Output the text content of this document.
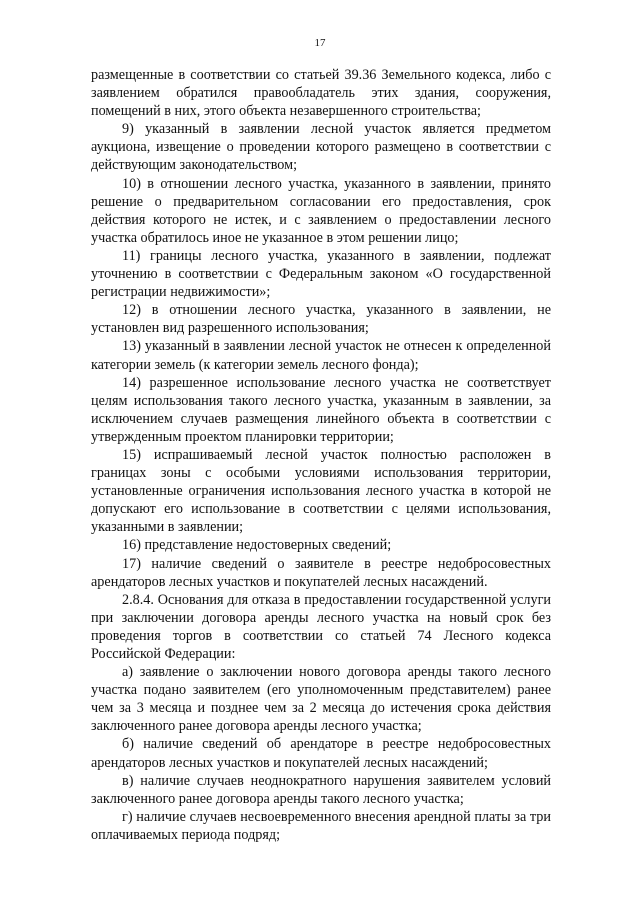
17

размещенные в соответствии со статьей 39.36 Земельного кодекса, либо с заявлением обратился правообладатель этих здания, сооружения, помещений в них, этого объекта незавершенного строительства;

9) указанный в заявлении лесной участок является предметом аукциона, извещение о проведении которого размещено в соответствии с действующим законодательством;

10) в отношении лесного участка, указанного в заявлении, принято решение о предварительном согласовании его предоставления, срок действия которого не истек, и с заявлением о предоставлении лесного участка обратилось иное не указанное в этом решении лицо;

11) границы лесного участка, указанного в заявлении, подлежат уточнению в соответствии с Федеральным законом «О государственной регистрации недвижимости»;

12) в отношении лесного участка, указанного в заявлении, не установлен вид разрешенного использования;

13) указанный в заявлении лесной участок не отнесен к определенной категории земель (к категории земель лесного фонда);

14) разрешенное использование лесного участка не соответствует целям использования такого лесного участка, указанным в заявлении, за исключением случаев размещения линейного объекта в соответствии с утвержденным проектом планировки территории;

15) испрашиваемый лесной участок полностью расположен в границах зоны с особыми условиями использования территории, установленные ограничения использования лесного участка в которой не допускают его использование в соответствии с целями использования, указанными в заявлении;

16) представление недостоверных сведений;

17) наличие сведений о заявителе в реестре недобросовестных арендаторов лесных участков и покупателей лесных насаждений.

2.8.4. Основания для отказа в предоставлении государственной услуги при заключении договора аренды лесного участка на новый срок без проведения торгов в соответствии со статьей 74 Лесного кодекса Российской Федерации:

а) заявление о заключении нового договора аренды такого лесного участка подано заявителем (его уполномоченным представителем) ранее чем за 3 месяца и позднее чем за 2 месяца до истечения срока действия заключенного ранее договора аренды лесного участка;

б) наличие сведений об арендаторе в реестре недобросовестных арендаторов лесных участков и покупателей лесных насаждений;

в) наличие случаев неоднократного нарушения заявителем условий заключенного ранее договора аренды такого лесного участка;

г) наличие случаев несвоевременного внесения арендной платы за три оплачиваемых периода подряд;
